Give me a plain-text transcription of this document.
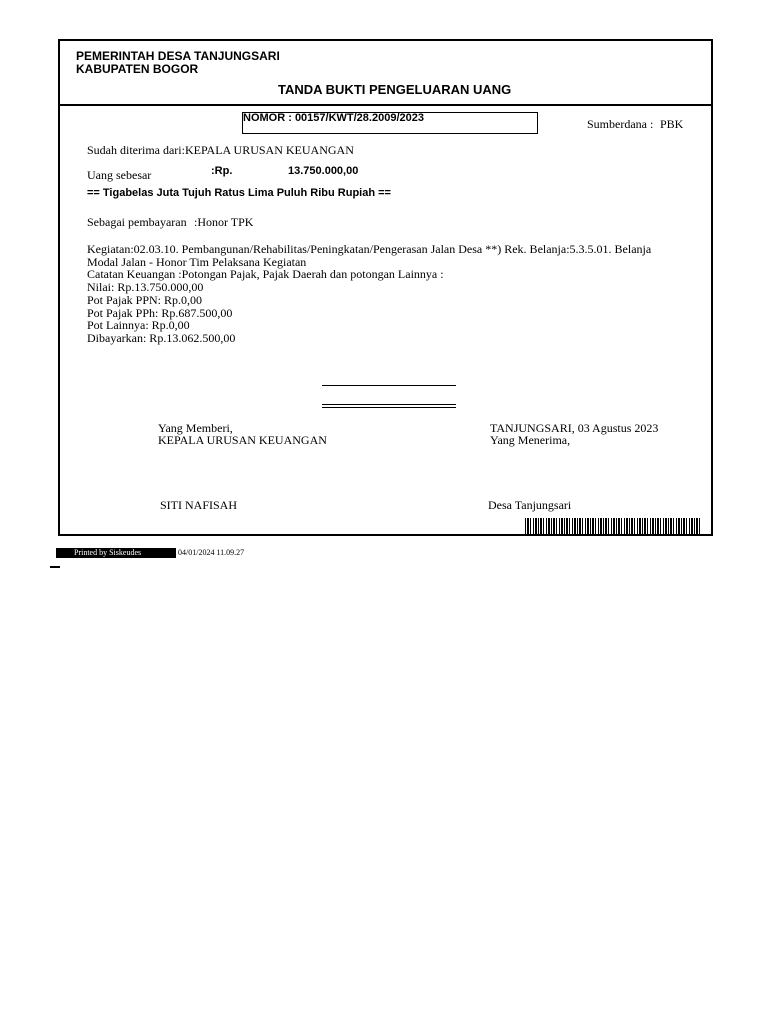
PEMERINTAH DESA TANJUNGSARI
KABUPATEN BOGOR
TANDA BUKTI PENGELUARAN UANG
NOMOR : 00157/KWT/28.2009/2023	Sumberdana : PBK
Sudah diterima dari:KEPALA URUSAN KEUANGAN
Uang sebesar	:Rp.	13.750.000,00
== Tigabelas Juta Tujuh Ratus Lima Puluh Ribu Rupiah ==
Sebagai pembayaran :Honor TPK
Kegiatan:02.03.10. Pembangunan/Rehabilitas/Peningkatan/Pengerasan Jalan Desa **) Rek. Belanja:5.3.5.01. Belanja
Modal Jalan - Honor Tim Pelaksana Kegiatan
Catatan Keuangan :Potongan Pajak, Pajak Daerah dan potongan Lainnya :
Nilai: Rp.13.750.000,00
Pot Pajak PPN: Rp.0,00
Pot Pajak PPh: Rp.687.500,00
Pot Lainnya: Rp.0,00
Dibayarkan: Rp.13.062.500,00
Yang Memberi,
KEPALA URUSAN KEUANGAN
TANJUNGSARI, 03 Agustus 2023
Yang Menerima,
SITI NAFISAH	Desa Tanjungsari
Printed by Siskeudes	04/01/2024 11.09.27
